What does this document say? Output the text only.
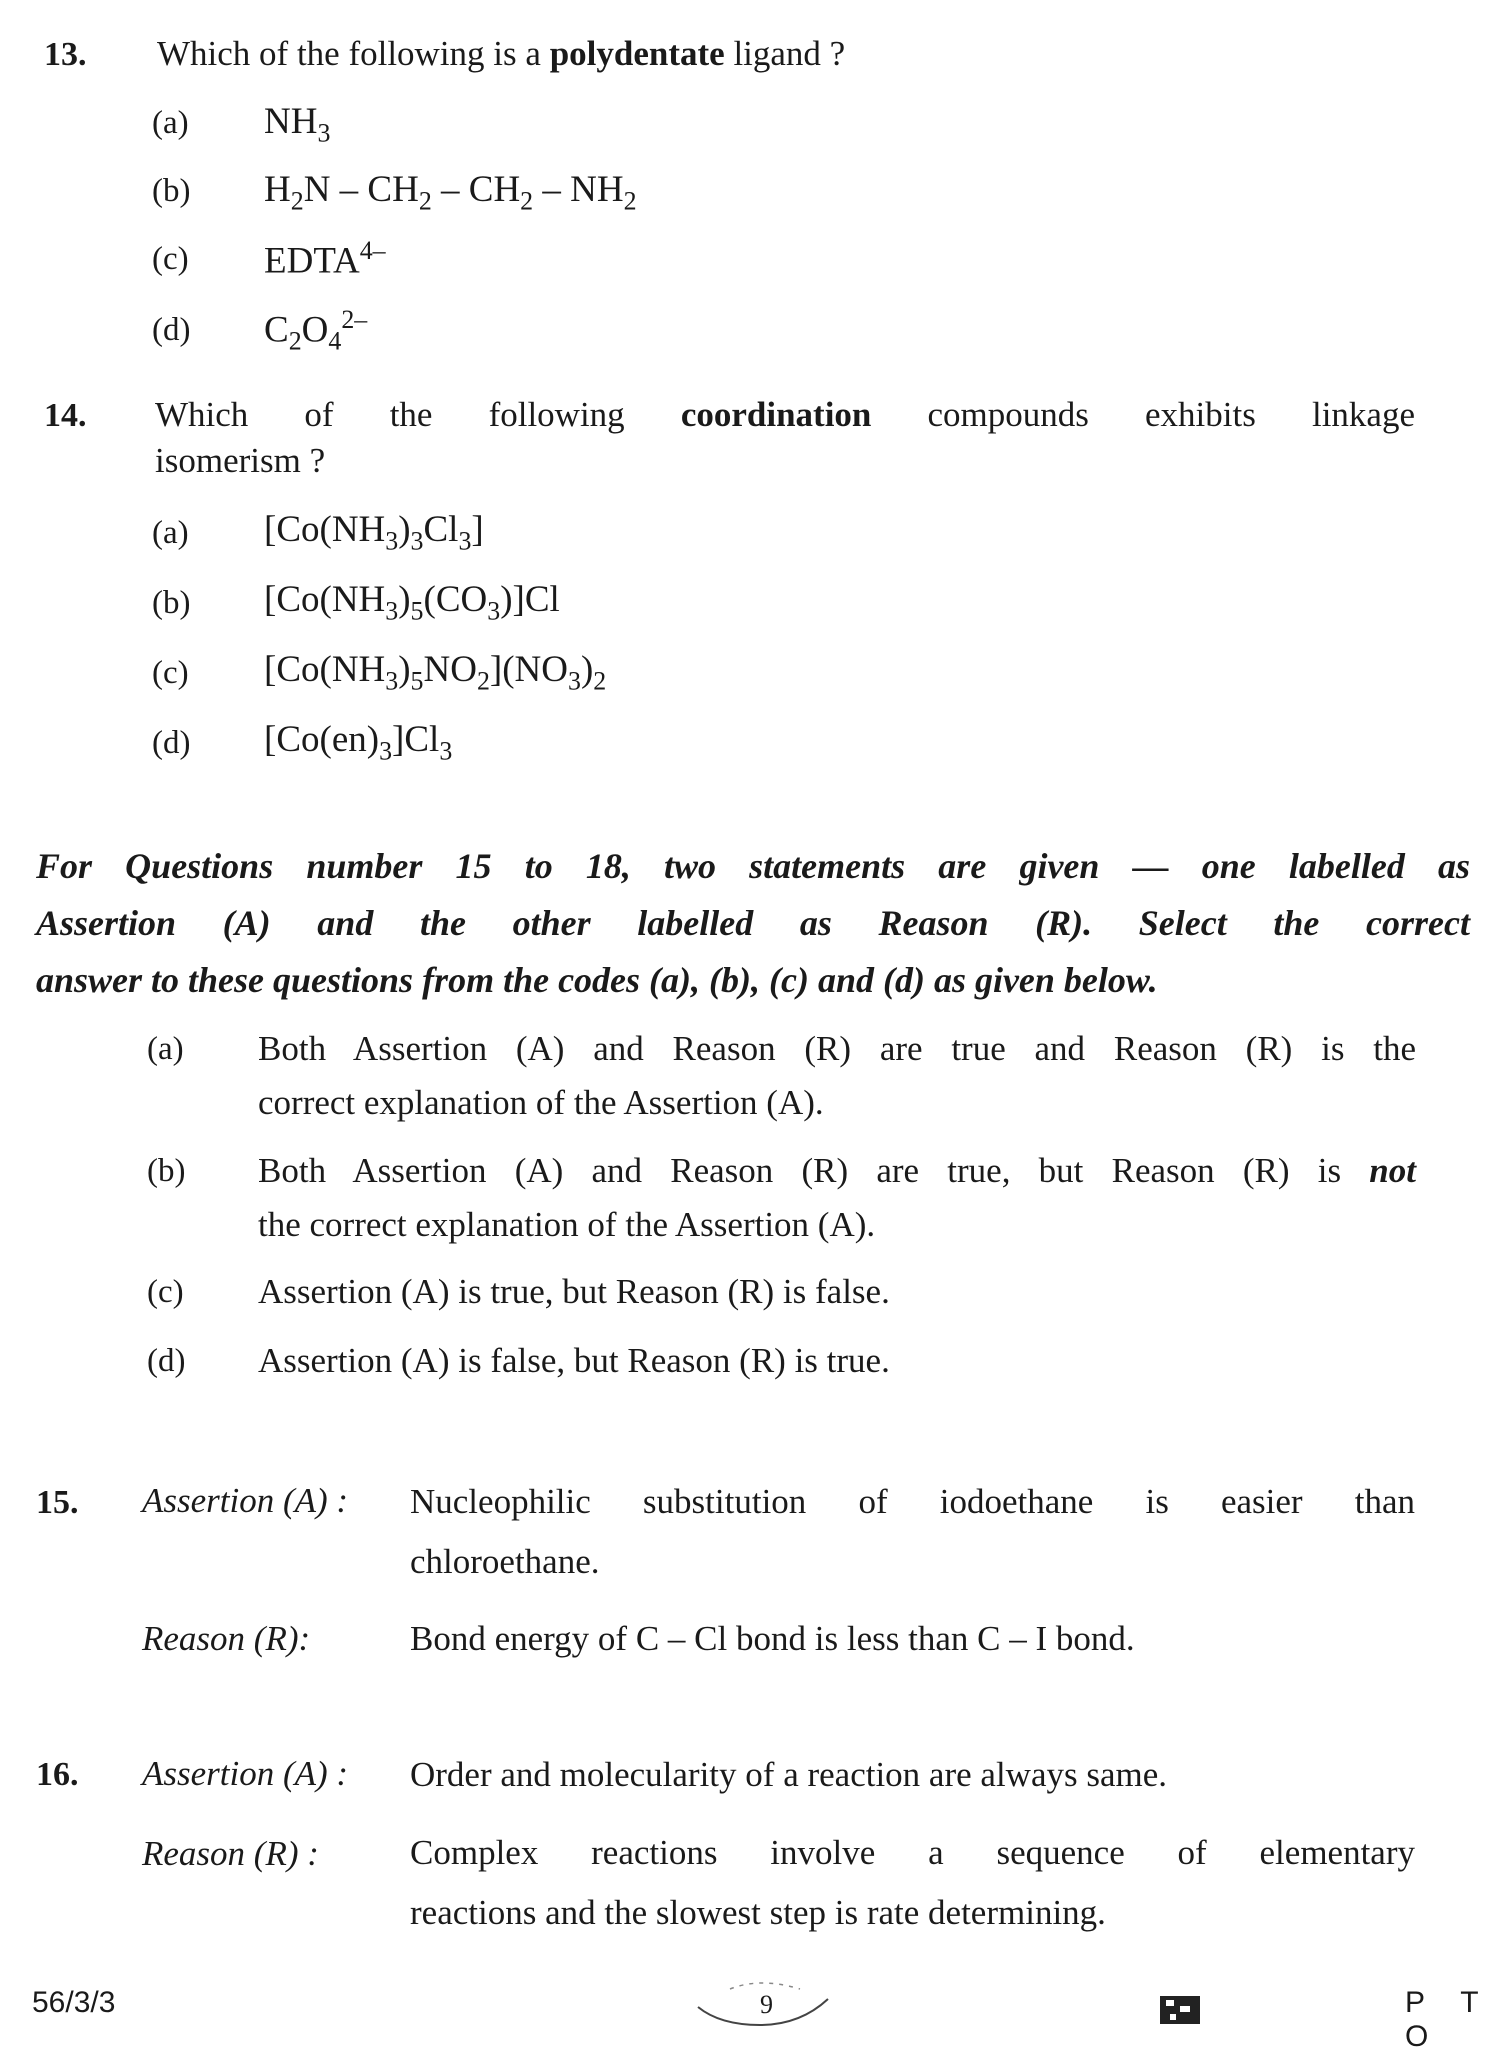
13. Which of the following is a polydentate ligand ?
(a) $NH_3$
(b) $H_2N - CH_2 - CH_2 - NH_2$
(c) $EDTA^{4-}$
(d) $C_2O_4^{2-}$
14. Which of the following coordination compounds exhibits linkage
isomerism ?
(a) $[Co(NH_3)_3Cl_3]$
(b) $[Co(NH_3)_5(CO_3)]Cl$
(c) $[Co(NH_3)_5NO_2](NO_3)_2$
(d) $[Co(en)_3]Cl_3$
For Questions number 15 to 18, two statements are given — one labelled as
Assertion (A) and the other labelled as Reason (R). Select the correct
answer to these questions from the codes (a), (b), (c) and (d) as given below.
(a) Both Assertion (A) and Reason (R) are true and Reason (R) is the
correct explanation of the Assertion (A).
(b) Both Assertion (A) and Reason (R) are true, but Reason (R) is not
the correct explanation of the Assertion (A).
(c) Assertion (A) is true, but Reason (R) is false.
(d) Assertion (A) is false, but Reason (R) is true.
15. Assertion (A) : Nucleophilic substitution of iodoethane is easier than
chloroethane.
Reason (R):	Bond energy of C – Cl bond is less than C – I bond.
16. Assertion (A) : Order and molecularity of a reaction are always same.
Reason (R) :	Complex reactions involve a sequence of elementary
reactions and the slowest step is rate determining.
56/3/3	9	P T O
